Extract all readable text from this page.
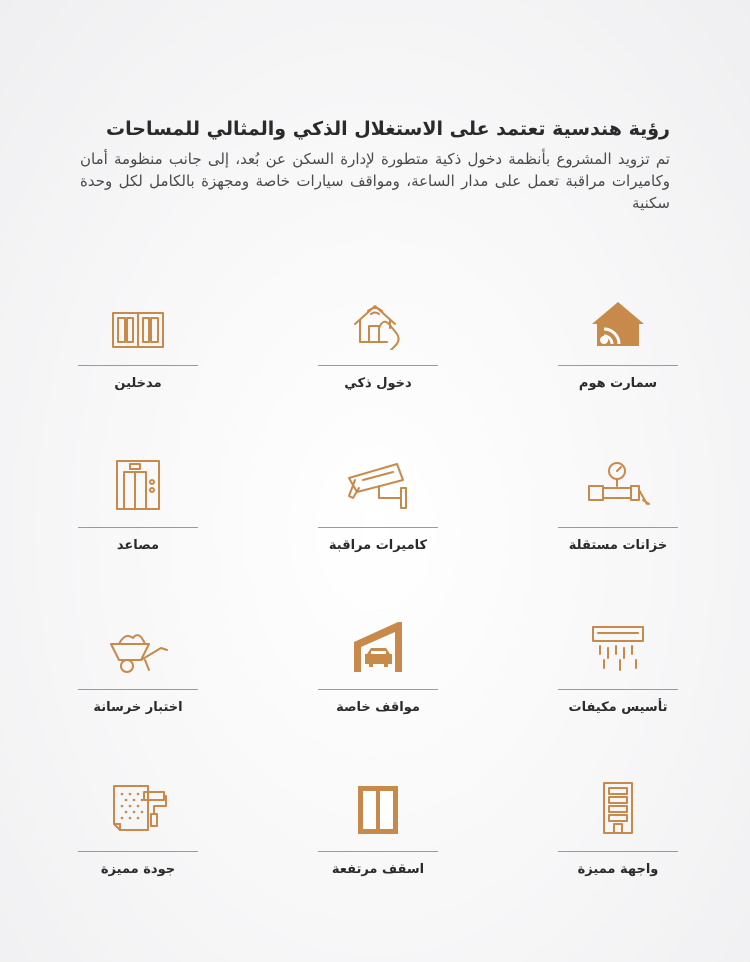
رؤية هندسية تعتمد على الاستغلال الذكي والمثالي للمساحات

تم تزويد المشروع بأنظمة دخول ذكية متطورة لإدارة السكن عن بُعد، إلى جانب منظومة أمان وكاميرات مراقبة تعمل على مدار الساعة، ومواقف سيارات خاصة ومجهزة بالكامل لكل وحدة سكنية

سمارت هوم
دخول ذكي
مدخلين
خزانات مستقلة
كاميرات مراقبة
مصاعد
تأسيس مكيفات
مواقف خاصة
اختبار خرسانة
واجهة مميزة
اسقف مرتفعة
جودة مميزة
